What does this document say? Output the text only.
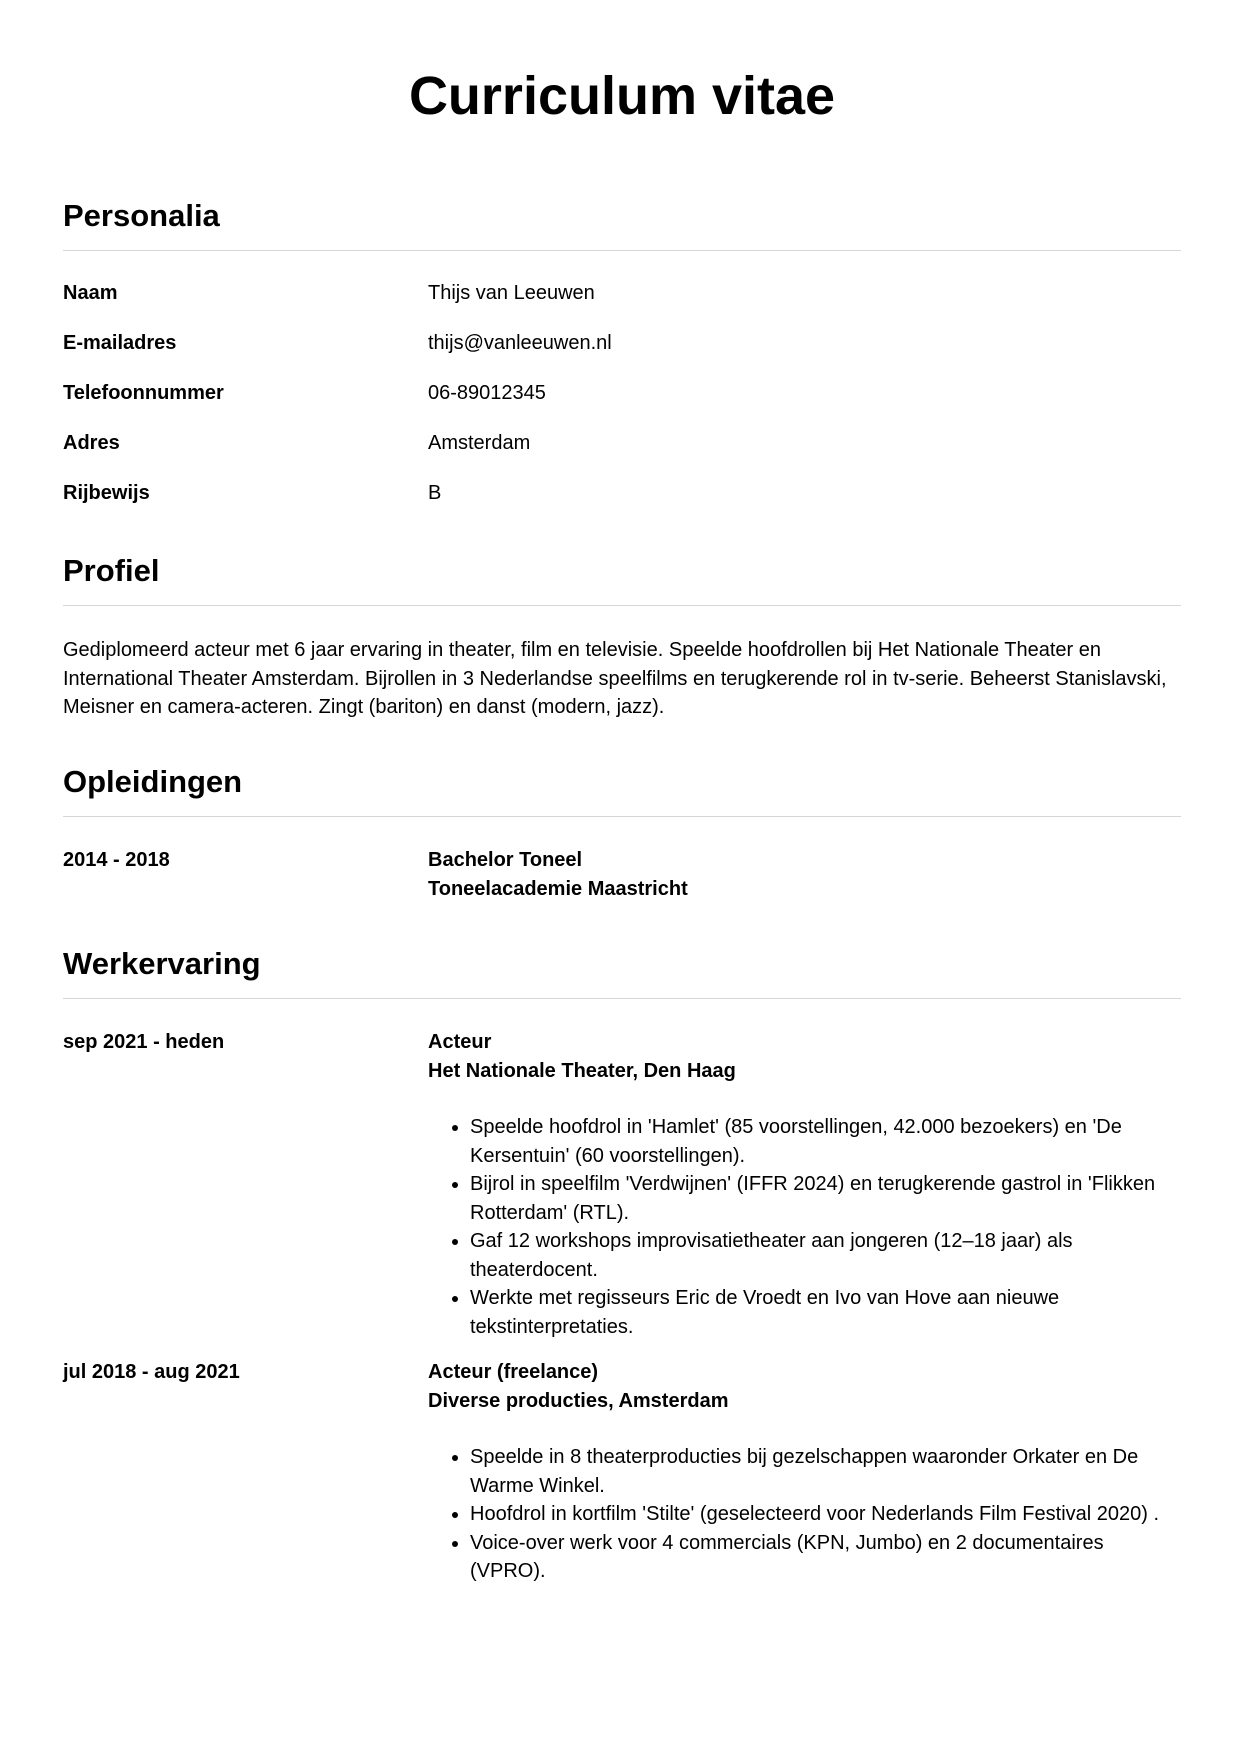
Curriculum vitae
Personalia
Naam	Thijs van Leeuwen
E-mailadres	thijs@vanleeuwen.nl
Telefoonnummer	06-89012345
Adres	Amsterdam
Rijbewijs	B
Profiel

Gediplomeerd acteur met 6 jaar ervaring in theater, film en televisie. Speelde hoofdrollen bij Het Nationale Theater en International Theater Amsterdam. Bijrollen in 3 Nederlandse speelfilms en terugkerende rol in tv-serie. Beheerst Stanislavski, Meisner en camera-acteren. Zingt (bariton) en danst (modern, jazz).

Opleidingen
2014 - 2018	Bachelor Toneel
Toneelacademie Maastricht
Werkervaring
sep 2021 - heden	Acteur
Het Nationale Theater, Den Haag
• Speelde hoofdrol in 'Hamlet' (85 voorstellingen, 42.000 bezoekers) en 'De Kersentuin' (60 voorstellingen).
• Bijrol in speelfilm 'Verdwijnen' (IFFR 2024) en terugkerende gastrol in 'Flikken Rotterdam' (RTL).
• Gaf 12 workshops improvisatietheater aan jongeren (12–18 jaar) als theaterdocent.
• Werkte met regisseurs Eric de Vroedt en Ivo van Hove aan nieuwe tekstinterpretaties.
jul 2018 - aug 2021	Acteur (freelance)
Diverse producties, Amsterdam
• Speelde in 8 theaterproducties bij gezelschappen waaronder Orkater en De Warme Winkel.
• Hoofdrol in kortfilm 'Stilte' (geselecteerd voor Nederlands Film Festival 2020) .
• Voice-over werk voor 4 commercials (KPN, Jumbo) en 2 documentaires (VPRO).
